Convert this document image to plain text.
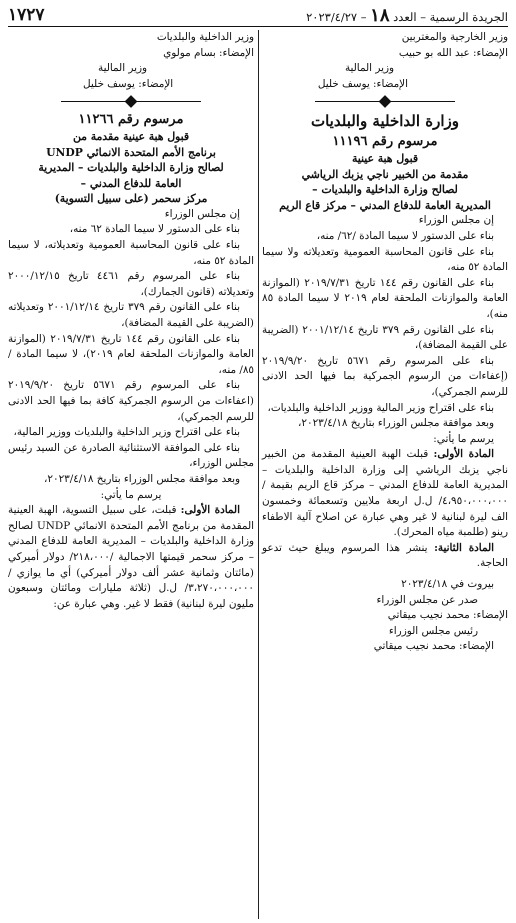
الجريدة الرسمية – العدد ١٨ – ٢٠٢٣/٤/٢٧
١٧٢٧

وزير الخارجية والمغتربين

الإمضاء: عبد الله بو حبيب

وزير المالية

الإمضاء: يوسف خليل

وزارة الداخلية والبلديات

مرسوم رقم ١١١٩٦

قبول هبة عينية

مقدمة من الخبير ناجي يزبك الرياشي

لصالح وزارة الداخلية والبلديات –

المديرية العامة للدفاع المدني – مركز قاع الريم

إن مجلس الوزراء

بناء على الدستور لا سيما المادة /٦٢/ منه،

بناء على قانون المحاسبة العمومية وتعديلاته ولا سيما المادة ٥٢ منه،

بناء على القانون رقم ١٤٤ تاريخ ٢٠١٩/٧/٣١ (الموازنة العامة والموازنات الملحقة لعام ٢٠١٩ لا سيما المادة ٨٥ منه)،

بناء على القانون رقم ٣٧٩ تاريخ ٢٠٠١/١٢/١٤ (الضريبة على القيمة المضافة)،

بناء على المرسوم رقم ٥٦٧١ تاريخ ٢٠١٩/٩/٢٠ (إعفاءات من الرسوم الجمركية بما فيها الحد الادنى للرسم الجمركي)،

بناء على اقتراح وزير المالية ووزير الداخلية والبلديات،

وبعد موافقة مجلس الوزراء بتاريخ ٢٠٢٣/٤/١٨،

يرسم ما يأتي:

المادة الأولى: قبلت الهبة العينية المقدمة من الخبير ناجي يزبك الرياشي إلى وزارة الداخلية والبلديات – المديرية العامة للدفاع المدني – مركز قاع الريم بقيمة /٤،٩٥٠،٠٠٠،٠٠٠/ ل.ل اربعة ملايين وتسعمائة وخمسون الف ليرة لبنانية لا غير وهي عبارة عن اصلاح آلية الاطفاء رينو (طلمبة مياه المحرك).

المادة الثانية: ينشر هذا المرسوم ويبلغ حيث تدعو الحاجة.

بيروت في ٢٠٢٣/٤/١٨

صدر عن مجلس الوزراء

الإمضاء: محمد نجيب ميقاتي

رئيس مجلس الوزراء

الإمضاء: محمد نجيب ميقاتي

وزير الداخلية والبلديات

الإمضاء: بسام مولوي

وزير المالية

الإمضاء: يوسف خليل

مرسوم رقم ١١٢٦٦

قبول هبة عينية مقدمة من

برنامج الأمم المتحدة الانمائي UNDP

لصالح وزارة الداخلية والبلديات – المديرية

العامة للدفاع المدني –

مركز سحمر (على سبيل التسوية)

إن مجلس الوزراء

بناء على الدستور لا سيما المادة ٦٢ منه،

بناء على قانون المحاسبة العمومية وتعديلاته، لا سيما المادة ٥٢ منه،

بناء على المرسوم رقم ٤٤٦١ تاريخ ٢٠٠٠/١٢/١٥ وتعديلاته (قانون الجمارك)،

بناء على القانون رقم ٣٧٩ تاريخ ٢٠٠١/١٢/١٤ وتعديلاته (الضريبة على القيمة المضافة)،

بناء على القانون رقم ١٤٤ تاريخ ٢٠١٩/٧/٣١ (الموازنة العامة والموازنات الملحقة لعام ٢٠١٩)، لا سيما المادة /٨٥/ منه،

بناء على المرسوم رقم ٥٦٧١ تاريخ ٢٠١٩/٩/٢٠ (اعفاءات من الرسوم الجمركية كافة بما فيها الحد الادنى للرسم الجمركي)،

بناء على اقتراح وزير الداخلية والبلديات ووزير المالية،

بناء على الموافقة الاستثنائية الصادرة عن السيد رئيس مجلس الوزراء،

وبعد موافقة مجلس الوزراء بتاريخ ٢٠٢٣/٤/١٨،

يرسم ما يأتي:

المادة الأولى: قبلت، على سبيل التسوية، الهبة العينية المقدمة من برنامج الأمم المتحدة الانمائي UNDP لصالح وزارة الداخلية والبلديات – المديرية العامة للدفاع المدني – مركز سحمر قيمتها الاجمالية /٢١٨،٠٠٠/ دولار أميركي (مائتان وثمانية عشر ألف دولار أميركي) أي ما يوازي /٣،٢٧٠،٠٠٠،٠٠٠/ ل.ل (ثلاثة مليارات ومائتان وسبعون مليون ليرة لبنانية) فقط لا غير. وهي عبارة عن:
